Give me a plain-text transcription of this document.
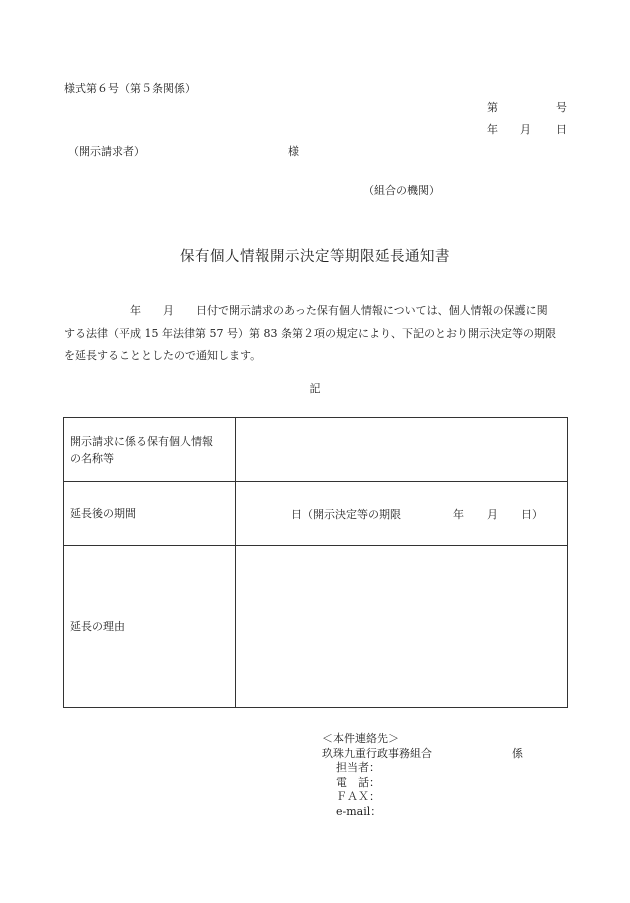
様式第６号（第５条関係）
第	号
年 月 日
（開示請求者）	様
（組合の機関）
保有個人情報開示決定等期限延長通知書
　　　　　　年　　月　　日付で開示請求のあった保有個人情報については、個人情報の保護に関
する法律（平成 15 年法律第 57 号）第 83 条第２項の規定により、下記のとおり開示決定等の期限
を延長することとしたので通知します。
記
開示請求に係る保有個人情報
の名称等	
延長後の期間	日（開示決定等の期限 年 月 日）

延長の理由	
＜本件連絡先＞
玖珠九重行政事務組合	係
担当者：
電　話：
ＦＡＸ：
e-mail：
